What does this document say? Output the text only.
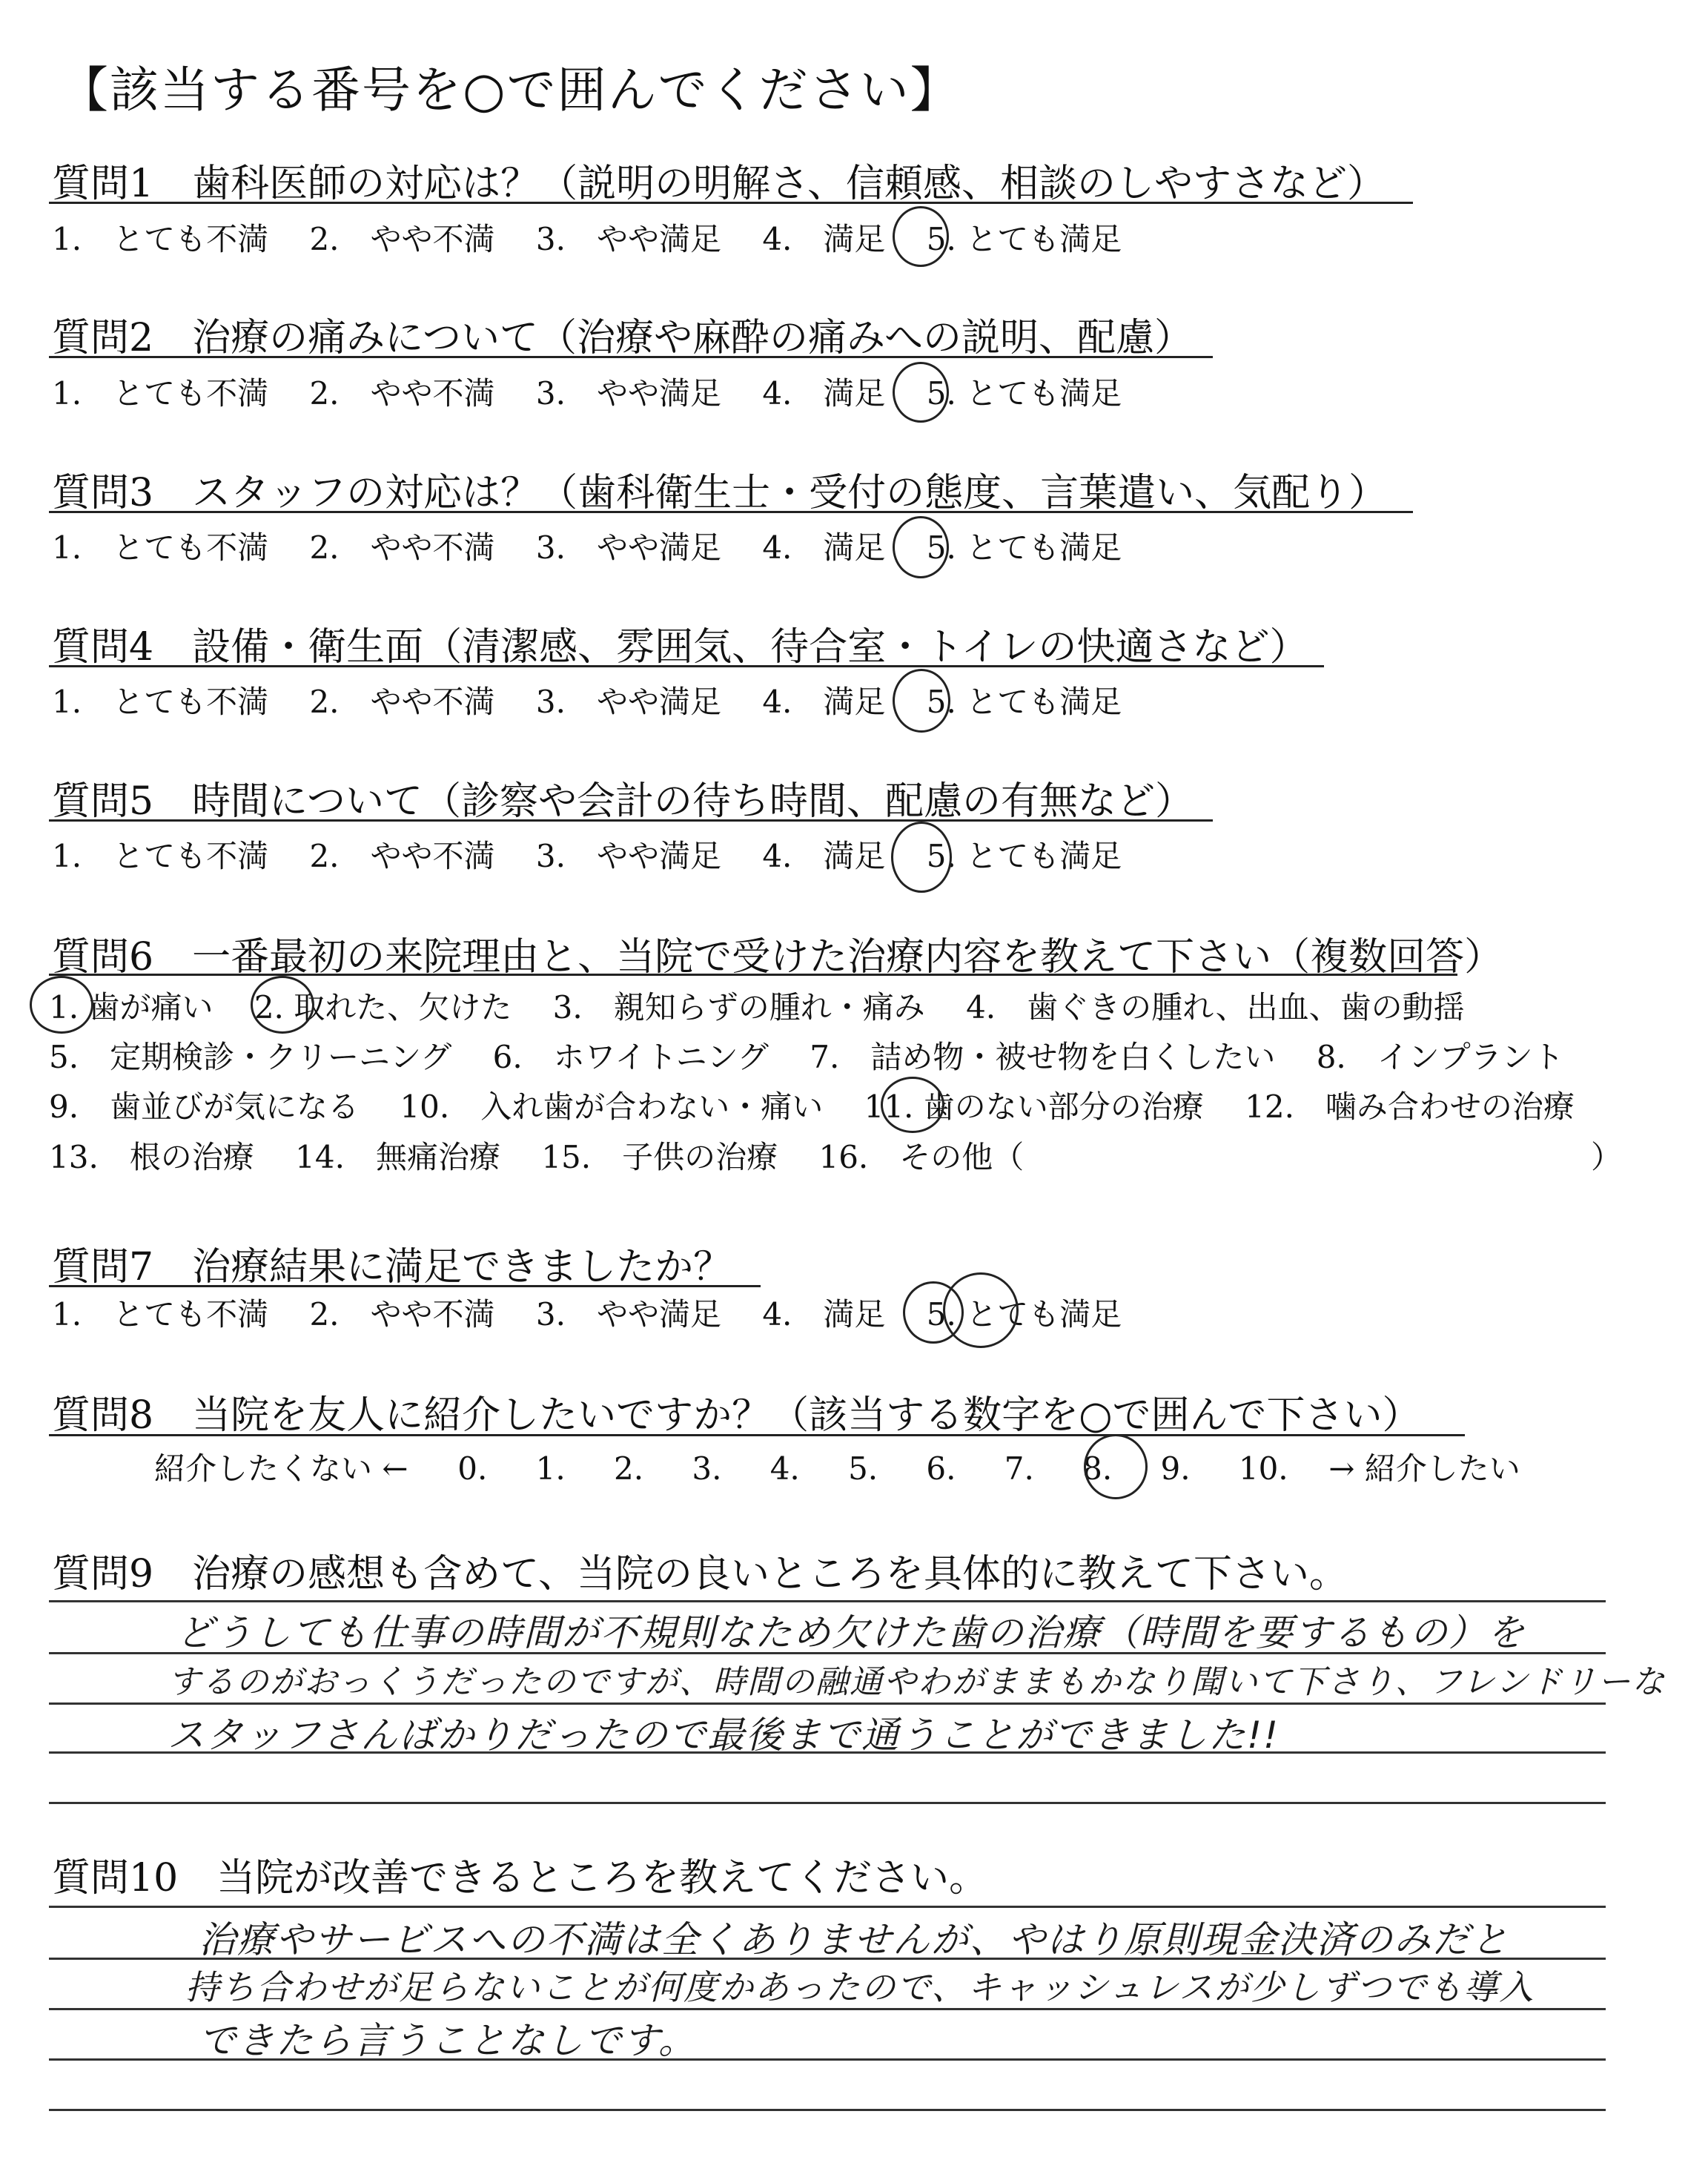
【該当する番号を○で囲んでください】
質問1　歯科医師の対応は？（説明の明解さ、信頼感、相談のしやすさなど）
1.　とても不満　 2.　やや不満　 3.　やや満足　 4.　満足　 5. とても満足
質問2　治療の痛みについて（治療や麻酔の痛みへの説明、配慮）
1.　とても不満　 2.　やや不満　 3.　やや満足　 4.　満足　 5. とても満足
質問3　スタッフの対応は？（歯科衛生士・受付の態度、言葉遣い、気配り）
1.　とても不満　 2.　やや不満　 3.　やや満足　 4.　満足　 5. とても満足
質問4　設備・衛生面（清潔感、雰囲気、待合室・トイレの快適さなど）
1.　とても不満　 2.　やや不満　 3.　やや満足　 4.　満足　 5. とても満足
質問5　時間について（診察や会計の待ち時間、配慮の有無など）
1.　とても不満　 2.　やや不満　 3.　やや満足　 4.　満足　 5. とても満足
質問6　一番最初の来院理由と、当院で受けた治療内容を教えて下さい（複数回答）
1. 歯が痛い　 2. 取れた、欠けた　 3.　親知らずの腫れ・痛み　 4.　歯ぐきの腫れ、出血、歯の動揺
5.　定期検診・クリーニング　 6.　ホワイトニング　 7.　詰め物・被せ物を白くしたい　 8.　インプラント
9.　歯並びが気になる　 10.　入れ歯が合わない・痛い　 11. 歯のない部分の治療　 12.　噛み合わせの治療
13.　根の治療　 14.　無痛治療　 15.　子供の治療　 16.　その他（	）
質問7　治療結果に満足できましたか？
1.　とても不満　 2.　やや不満　 3.　やや満足　 4.　満足　 5. とても満足
質問8　当院を友人に紹介したいですか？（該当する数字を○で囲んで下さい）
紹介したくない ← 0. 1. 2. 3. 4. 5. 6. 7. 8. 9. 10. → 紹介したい
質問9　治療の感想も含めて、当院の良いところを具体的に教えて下さい。
どうしても仕事の時間が不規則なため欠けた歯の治療（時間を要するもの）を
するのがおっくうだったのですが、時間の融通やわがままもかなり聞いて下さり、フレンドリーな
スタッフさんばかりだったので最後まで通うことができました!!
質問10　当院が改善できるところを教えてください。
治療やサービスへの不満は全くありませんが、やはり原則現金決済のみだと
持ち合わせが足らないことが何度かあったので、キャッシュレスが少しずつでも導入
できたら言うことなしです。
